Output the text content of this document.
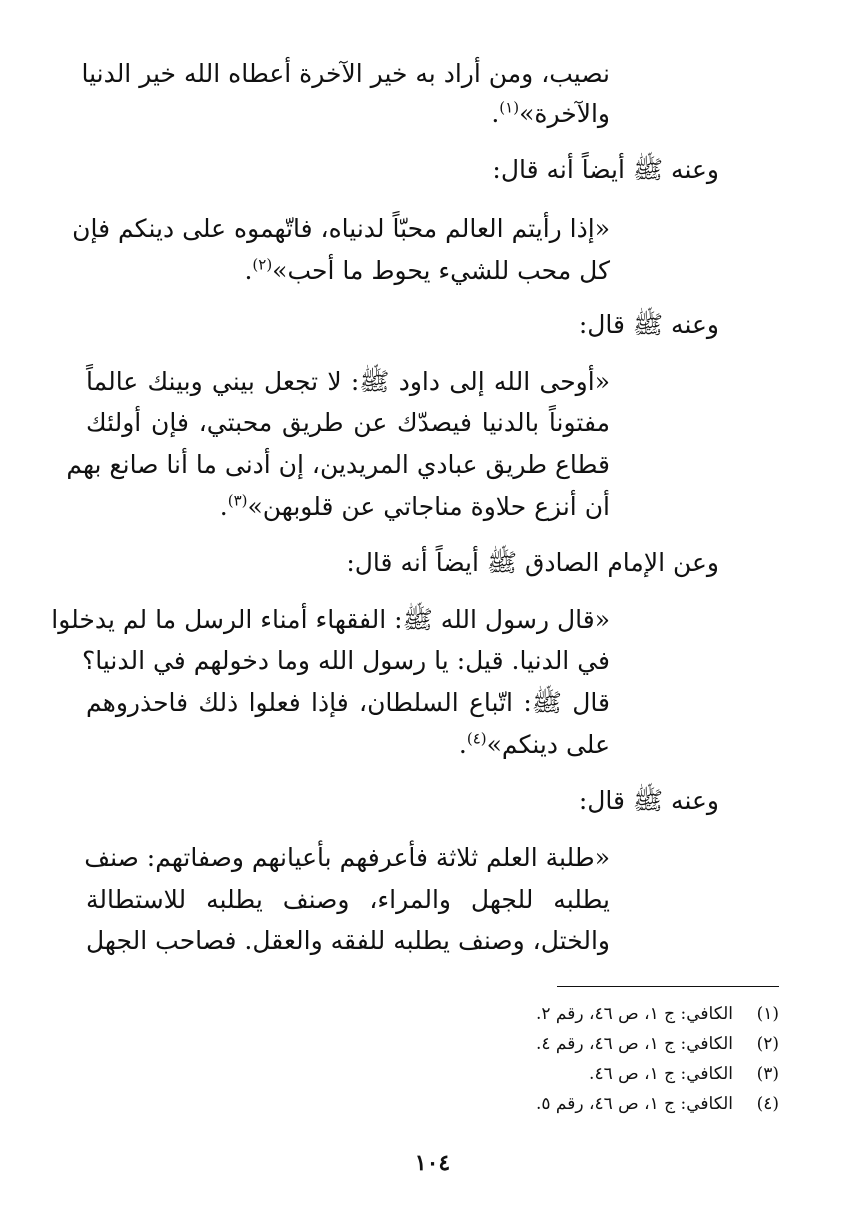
نصيب، ومن أراد به خير الآخرة أعطاه الله خير الدنيا
والآخرة»$^{(١)}$.
وعنه ﷺ أيضاً أنه قال:
«إذا رأيتم العالم محبّاً لدنياه، فاتّهموه على دينكم فإن
كل محب للشيء يحوط ما أحب»$^{(٢)}$.
وعنه ﷺ قال:
«أوحى الله إلى داود ﷺ: لا تجعل بيني وبينك عالماً
مفتوناً بالدنيا فيصدّك عن طريق محبتي، فإن أولئك
قطاع طريق عبادي المريدين، إن أدنى ما أنا صانع بهم
أن أنزع حلاوة مناجاتي عن قلوبهن»$^{(٣)}$.
وعن الإمام الصادق ﷺ أيضاً أنه قال:
«قال رسول الله ﷺ: الفقهاء أمناء الرسل ما لم يدخلوا
في الدنيا. قيل: يا رسول الله وما دخولهم في الدنيا؟
قال ﷺ: اتّباع السلطان، فإذا فعلوا ذلك فاحذروهم
على دينكم»$^{(٤)}$.
وعنه ﷺ قال:
«طلبة العلم ثلاثة فأعرفهم بأعيانهم وصفاتهم: صنف
يطلبه للجهل والمراء، وصنف يطلبه للاستطالة
والختل، وصنف يطلبه للفقه والعقل. فصاحب الجهل
(١)الكافي: ج ١، ص ٤٦، رقم ٢.
(٢)الكافي: ج ١، ص ٤٦، رقم ٤.
(٣)الكافي: ج ١، ص ٤٦.
(٤)الكافي: ج ١، ص ٤٦، رقم ٥.
١٠٤
